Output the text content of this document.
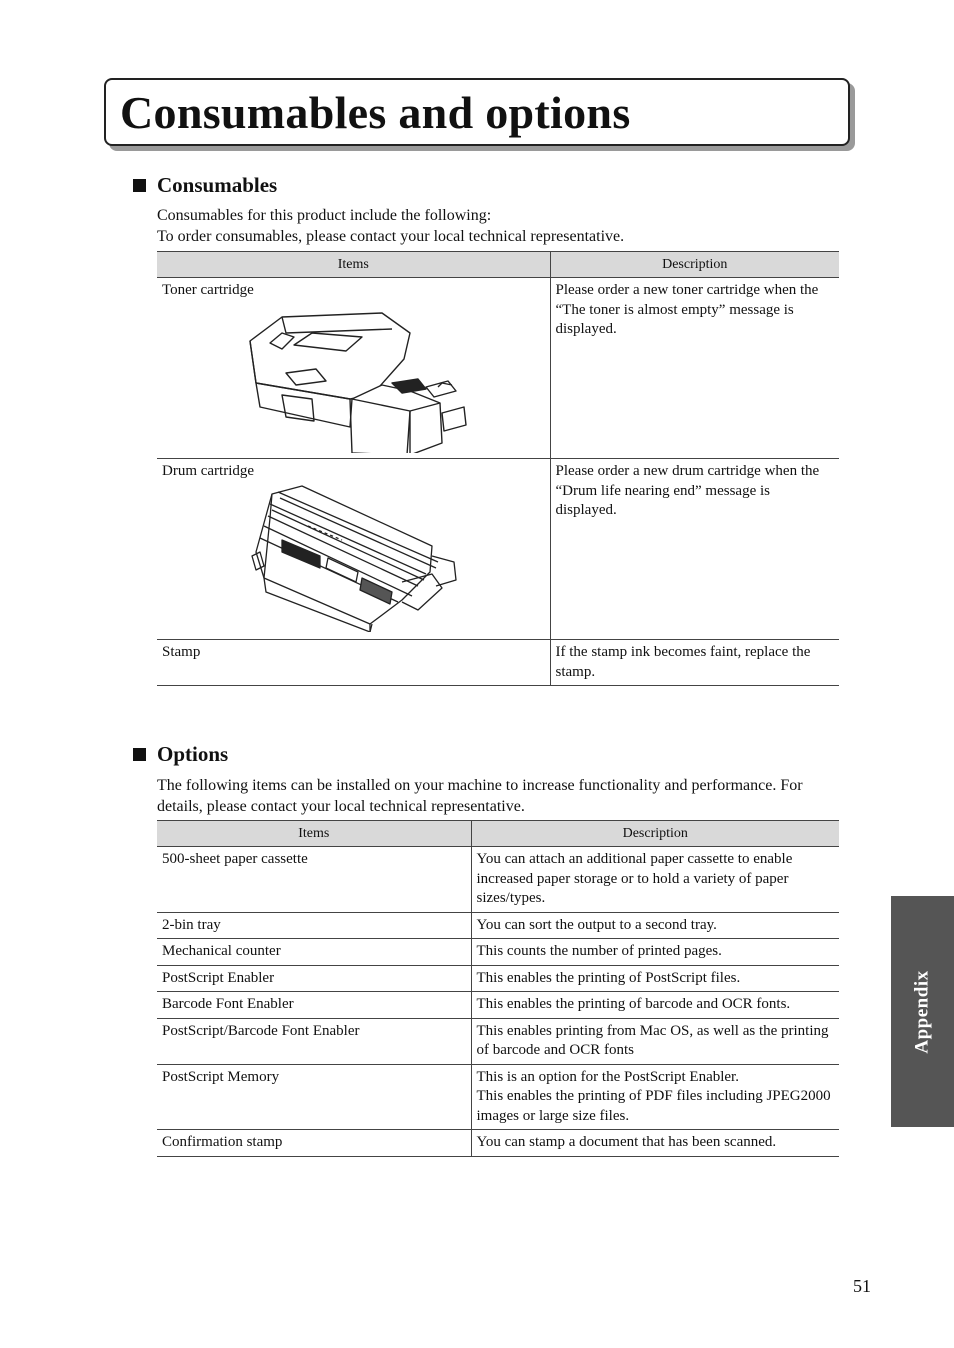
Consumables and options
Consumables
Consumables for this product include the following:
To order consumables, please contact your local technical representative.
Items	Description

Toner cartridge	Please order a new toner cartridge when the “The toner is almost empty” message is displayed.

Drum cartridge	Please order a new drum cartridge when the “Drum life nearing end” message is displayed.
Stamp	If the stamp ink becomes faint, replace the stamp.
Options
The following items can be installed on your machine to increase functionality and performance. For details, please contact your local technical representative.
Items	Description
500-sheet paper cassette	You can attach an additional paper cassette to enable increased paper storage or to hold a variety of paper sizes/types.
2-bin tray	You can sort the output to a second tray.
Mechanical counter	This counts the number of printed pages.
PostScript Enabler	This enables the printing of PostScript files.
Barcode Font Enabler	This enables the printing of barcode and OCR fonts.
PostScript/Barcode Font Enabler	This enables printing from Mac OS, as well as the printing of barcode and OCR fonts
PostScript Memory	This is an option for the PostScript Enabler.
This enables the printing of PDF files including JPEG2000 images or large size files.

Confirmation stamp	You can stamp a document that has been scanned.
Appendix
51
